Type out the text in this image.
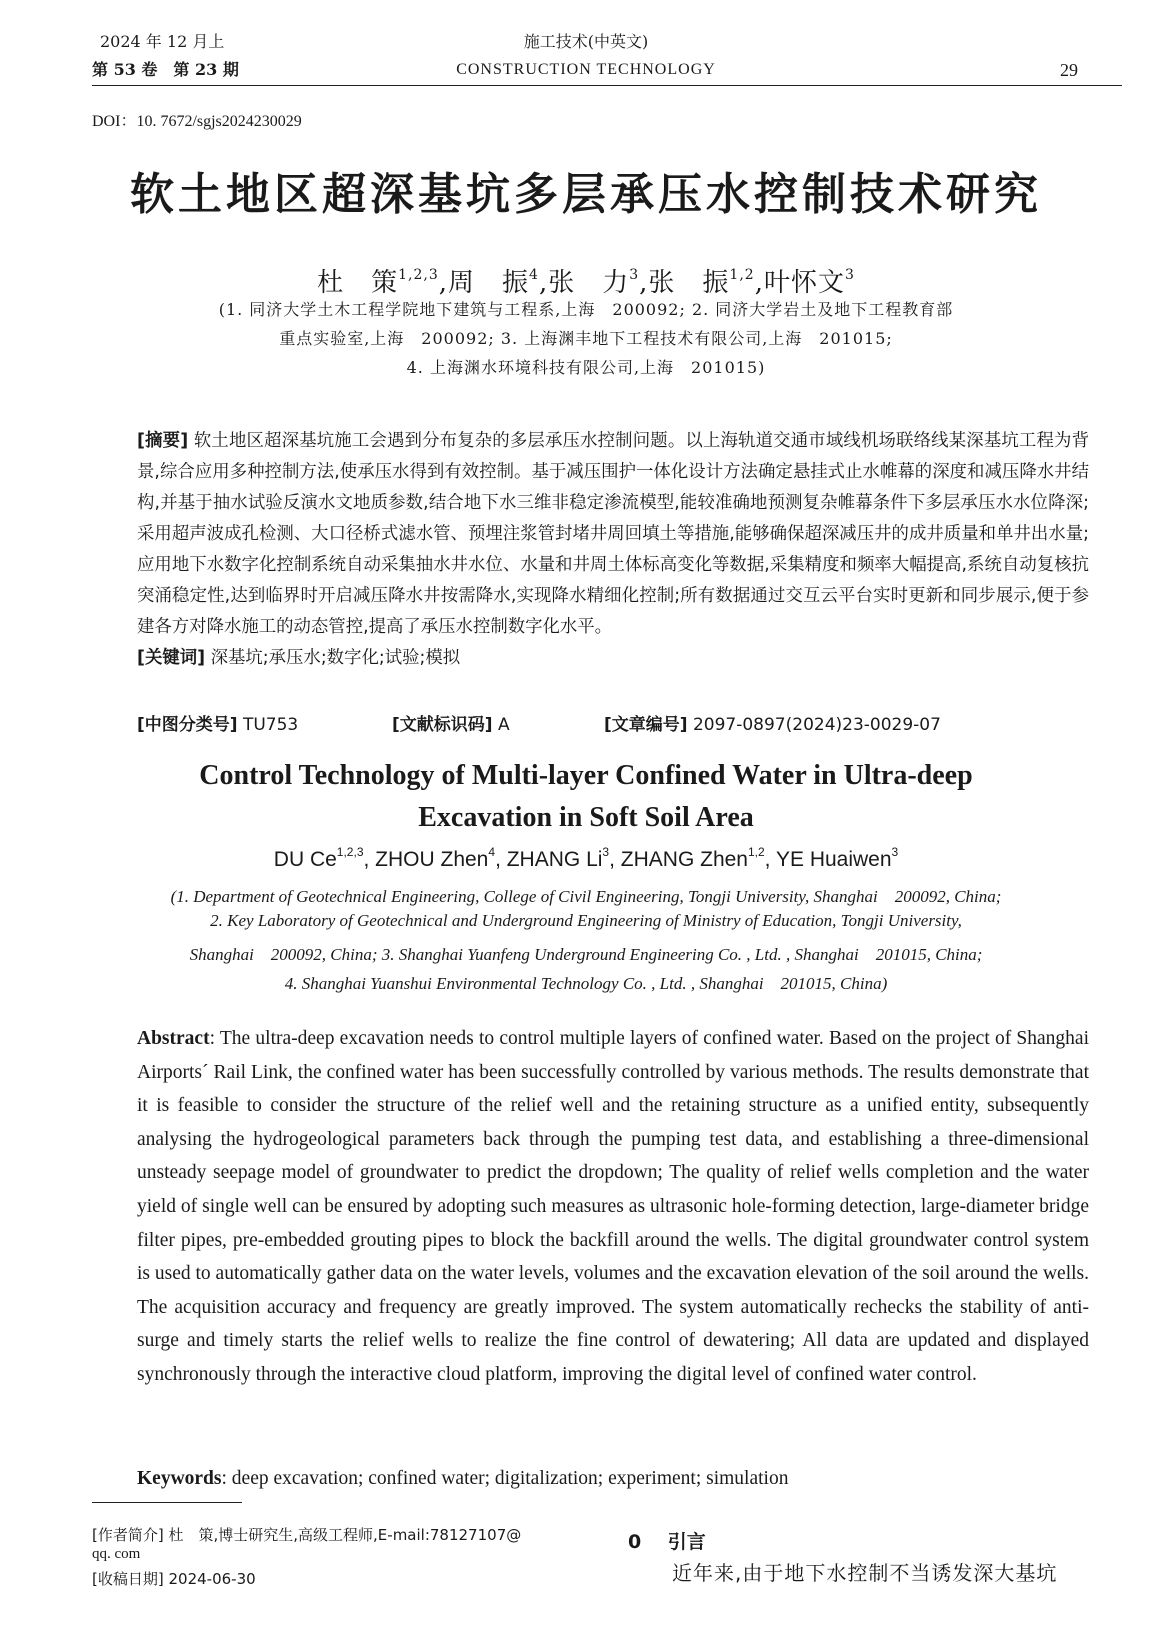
2024 年 12 月上
第 53 卷　第 23 期
施工技术(中英文)
CONSTRUCTION TECHNOLOGY	29
DOI：10. 7672/sgjs2024230029
软土地区超深基坑多层承压水控制技术研究
杜　策$^{1,2,3}$,周　振$^4$,张　力$^3$,张　振$^{1,2}$,叶怀文$^3$
(1. 同济大学土木工程学院地下建筑与工程系,上海　200092; 2. 同济大学岩土及地下工程教育部
重点实验室,上海　200092; 3. 上海渊丰地下工程技术有限公司,上海　201015;
4. 上海渊水环境科技有限公司,上海　201015)
[摘要] 软土地区超深基坑施工会遇到分布复杂的多层承压水控制问题。以上海轨道交通市域线机场联络线某深基坑工程为背景,综合应用多种控制方法,使承压水得到有效控制。基于减压围护一体化设计方法确定悬挂式止水帷幕的深度和减压降水井结构,并基于抽水试验反演水文地质参数,结合地下水三维非稳定渗流模型,能较准确地预测复杂帷幕条件下多层承压水水位降深;采用超声波成孔检测、大口径桥式滤水管、预埋注浆管封堵井周回填土等措施,能够确保超深减压井的成井质量和单井出水量;应用地下水数字化控制系统自动采集抽水井水位、水量和井周土体标高变化等数据,采集精度和频率大幅提高,系统自动复核抗突涌稳定性,达到临界时开启减压降水井按需降水,实现降水精细化控制;所有数据通过交互云平台实时更新和同步展示,便于参建各方对降水施工的动态管控,提高了承压水控制数字化水平。
[关键词] 深基坑;承压水;数字化;试验;模拟
[中图分类号] TU753	[文献标识码] A	[文章编号] 2097-0897(2024)23-0029-07
Control Technology of Multi-layer Confined Water in Ultra-deep
Excavation in Soft Soil Area
DU Ce$^{1,2,3}$, ZHOU Zhen$^4$, ZHANG Li$^3$, ZHANG Zhen$^{1,2}$, YE Huaiwen$^3$
(1. Department of Geotechnical Engineering, College of Civil Engineering, Tongji University, Shanghai　200092, China;
2. Key Laboratory of Geotechnical and Underground Engineering of Ministry of Education, Tongji University,
Shanghai　200092, China; 3. Shanghai Yuanfeng Underground Engineering Co. , Ltd. , Shanghai　201015, China;
4. Shanghai Yuanshui Environmental Technology Co. , Ltd. , Shanghai　201015, China)
Abstract: The ultra-deep excavation needs to control multiple layers of confined water. Based on the project of Shanghai Airports´ Rail Link, the confined water has been successfully controlled by various methods. The results demonstrate that it is feasible to consider the structure of the relief well and the retaining structure as a unified entity, subsequently analysing the hydrogeological parameters back through the pumping test data, and establishing a three-dimensional unsteady seepage model of groundwater to predict the dropdown; The quality of relief wells completion and the water yield of single well can be ensured by adopting such measures as ultrasonic hole-forming detection, large-diameter bridge filter pipes, pre-embedded grouting pipes to block the backfill around the wells. The digital groundwater control system is used to automatically gather data on the water levels, volumes and the excavation elevation of the soil around the wells. The acquisition accuracy and frequency are greatly improved. The system automatically rechecks the stability of anti-surge and timely starts the relief wells to realize the fine control of dewatering; All data are updated and displayed synchronously through the interactive cloud platform, improving the digital level of confined water control.
Keywords: deep excavation; confined water; digitalization; experiment; simulation
[作者简介] 杜　策,博士研究生,高级工程师,E-mail:78127107@
qq. com
[收稿日期] 2024-06-30
0 引言
近年来,由于地下水控制不当诱发深大基坑
